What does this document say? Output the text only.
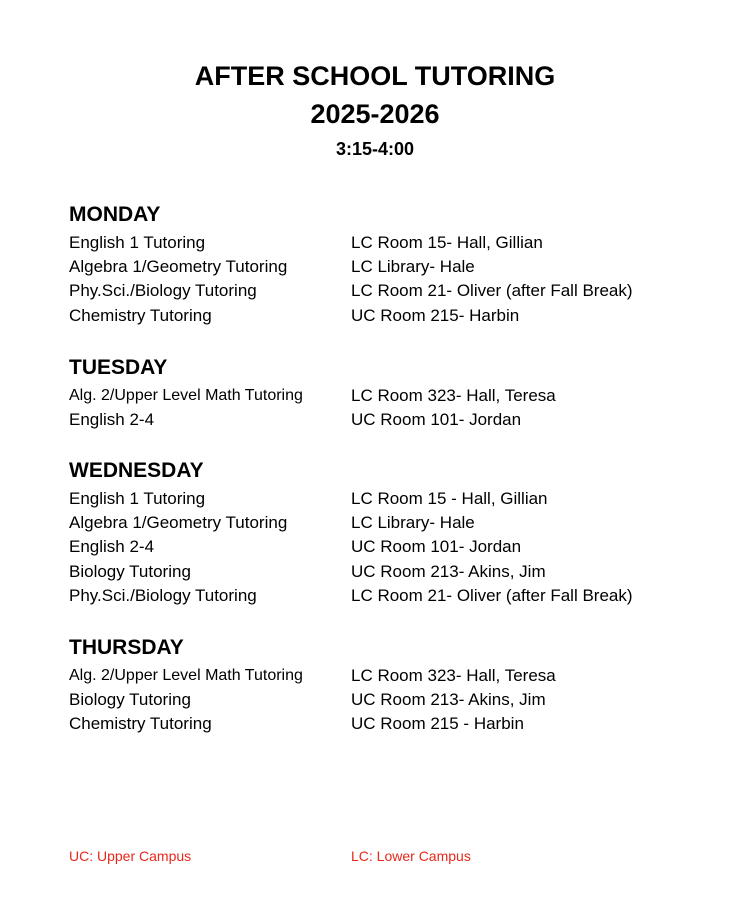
AFTER SCHOOL TUTORING
2025-2026
3:15-4:00
MONDAY
English 1 Tutoring	LC Room 15- Hall, Gillian
Algebra 1/Geometry Tutoring	LC Library- Hale
Phy.Sci./Biology Tutoring	LC Room 21- Oliver (after Fall Break)
Chemistry Tutoring	UC Room 215- Harbin
TUESDAY
Alg. 2/Upper Level Math Tutoring	LC Room 323- Hall, Teresa
English 2-4	UC Room 101- Jordan
WEDNESDAY
English 1 Tutoring	LC Room 15 - Hall, Gillian
Algebra 1/Geometry Tutoring	LC Library- Hale
English 2-4	UC Room 101- Jordan
Biology Tutoring	UC Room 213- Akins, Jim
Phy.Sci./Biology Tutoring	LC Room 21- Oliver (after Fall Break)
THURSDAY
Alg. 2/Upper Level Math Tutoring	LC Room 323- Hall, Teresa
Biology Tutoring	UC Room 213- Akins, Jim
Chemistry Tutoring	UC Room 215 - Harbin
UC: Upper Campus	LC: Lower Campus
